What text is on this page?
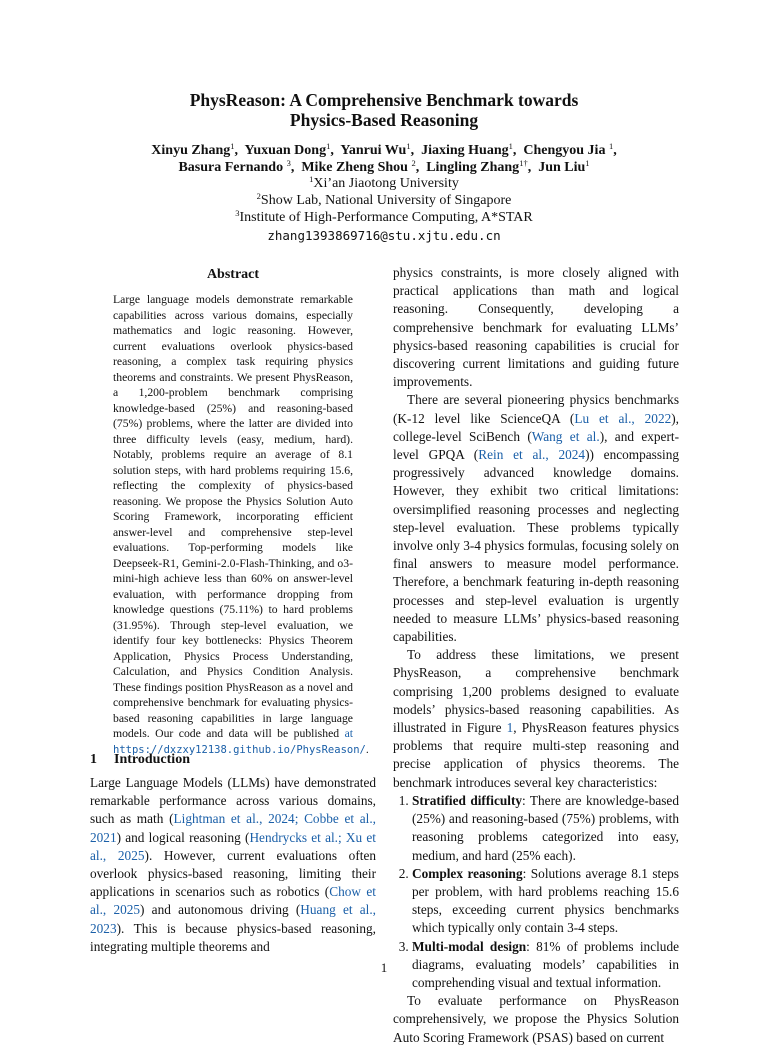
PhysReason: A Comprehensive Benchmark towards
Physics-Based Reasoning
Xinyu Zhang$^1$,  Yuxuan Dong$^1$,  Yanrui Wu$^1$,  Jiaxing Huang$^1$,  Chengyou Jia $^1$,
Basura Fernando $^3$,  Mike Zheng Shou $^2$,  Lingling Zhang$^{1\dagger}$,  Jun Liu$^1$
$^1$Xi’an Jiaotong University
$^2$Show Lab, National University of Singapore
$^3$Institute of High-Performance Computing, A*STAR
zhang1393869716@stu.xjtu.edu.cn
Abstract
Large language models demonstrate remarkable capabilities across various domains, especially mathematics and logic reasoning. However, current evaluations overlook physics-based reasoning, a complex task requiring physics theorems and constraints. We present PhysReason, a 1,200-problem benchmark comprising knowledge-based (25%) and reasoning-based (75%) problems, where the latter are divided into three difficulty levels (easy, medium, hard). Notably, problems require an average of 8.1 solution steps, with hard problems requiring 15.6, reflecting the complexity of physics-based reasoning. We propose the Physics Solution Auto Scoring Framework, incorporating efficient answer-level and comprehensive step-level evaluations. Top-performing models like Deepseek-R1, Gemini-2.0-Flash-Thinking, and o3-mini-high achieve less than 60% on answer-level evaluation, with performance dropping from knowledge questions (75.11%) to hard problems (31.95%). Through step-level evaluation, we identify four key bottlenecks: Physics Theorem Application, Physics Process Understanding, Calculation, and Physics Condition Analysis. These findings position PhysReason as a novel and comprehensive benchmark for evaluating physics-based reasoning capabilities in large language models. Our code and data will be published at https://dxzxy12138.github.io/PhysReason/.
1 Introduction

Large Language Models (LLMs) have demonstrated remarkable performance across various domains, such as math (Lightman et al., 2024; Cobbe et al., 2021) and logical reasoning (Hendrycks et al.; Xu et al., 2025). However, current evaluations often overlook physics-based reasoning, limiting their applications in scenarios such as robotics (Chow et al., 2025) and autonomous driving (Huang et al., 2023). This is because physics-based reasoning, integrating multiple theorems and

physics constraints, is more closely aligned with practical applications than math and logical reasoning. Consequently, developing a comprehensive benchmark for evaluating LLMs’ physics-based reasoning capabilities is crucial for discovering current limitations and guiding future improvements.

There are several pioneering physics benchmarks (K-12 level like ScienceQA (Lu et al., 2022), college-level SciBench (Wang et al.), and expert-level GPQA (Rein et al., 2024)) encompassing progressively advanced knowledge domains. However, they exhibit two critical limitations: oversimplified reasoning processes and neglecting step-level evaluation. These problems typically involve only 3-4 physics formulas, focusing solely on final answers to measure model performance. Therefore, a benchmark featuring in-depth reasoning processes and step-level evaluation is urgently needed to measure LLMs’ physics-based reasoning capabilities.

To address these limitations, we present PhysReason, a comprehensive benchmark comprising 1,200 problems designed to evaluate models’ physics-based reasoning capabilities. As illustrated in Figure 1, PhysReason features physics problems that require multi-step reasoning and precise application of physics theorems. The benchmark introduces several key characteristics:

1. Stratified difficulty: There are knowledge-based (25%) and reasoning-based (75%) problems, with reasoning problems categorized into easy, medium, and hard (25% each).
2. Complex reasoning: Solutions average 8.1 steps per problem, with hard problems reaching 15.6 steps, exceeding current physics benchmarks which typically only contain 3-4 steps.
3. Multi-modal design: 81% of problems include diagrams, evaluating models’ capabilities in comprehending visual and textual information.

To evaluate performance on PhysReason comprehensively, we propose the Physics Solution Auto Scoring Framework (PSAS) based on current

1
